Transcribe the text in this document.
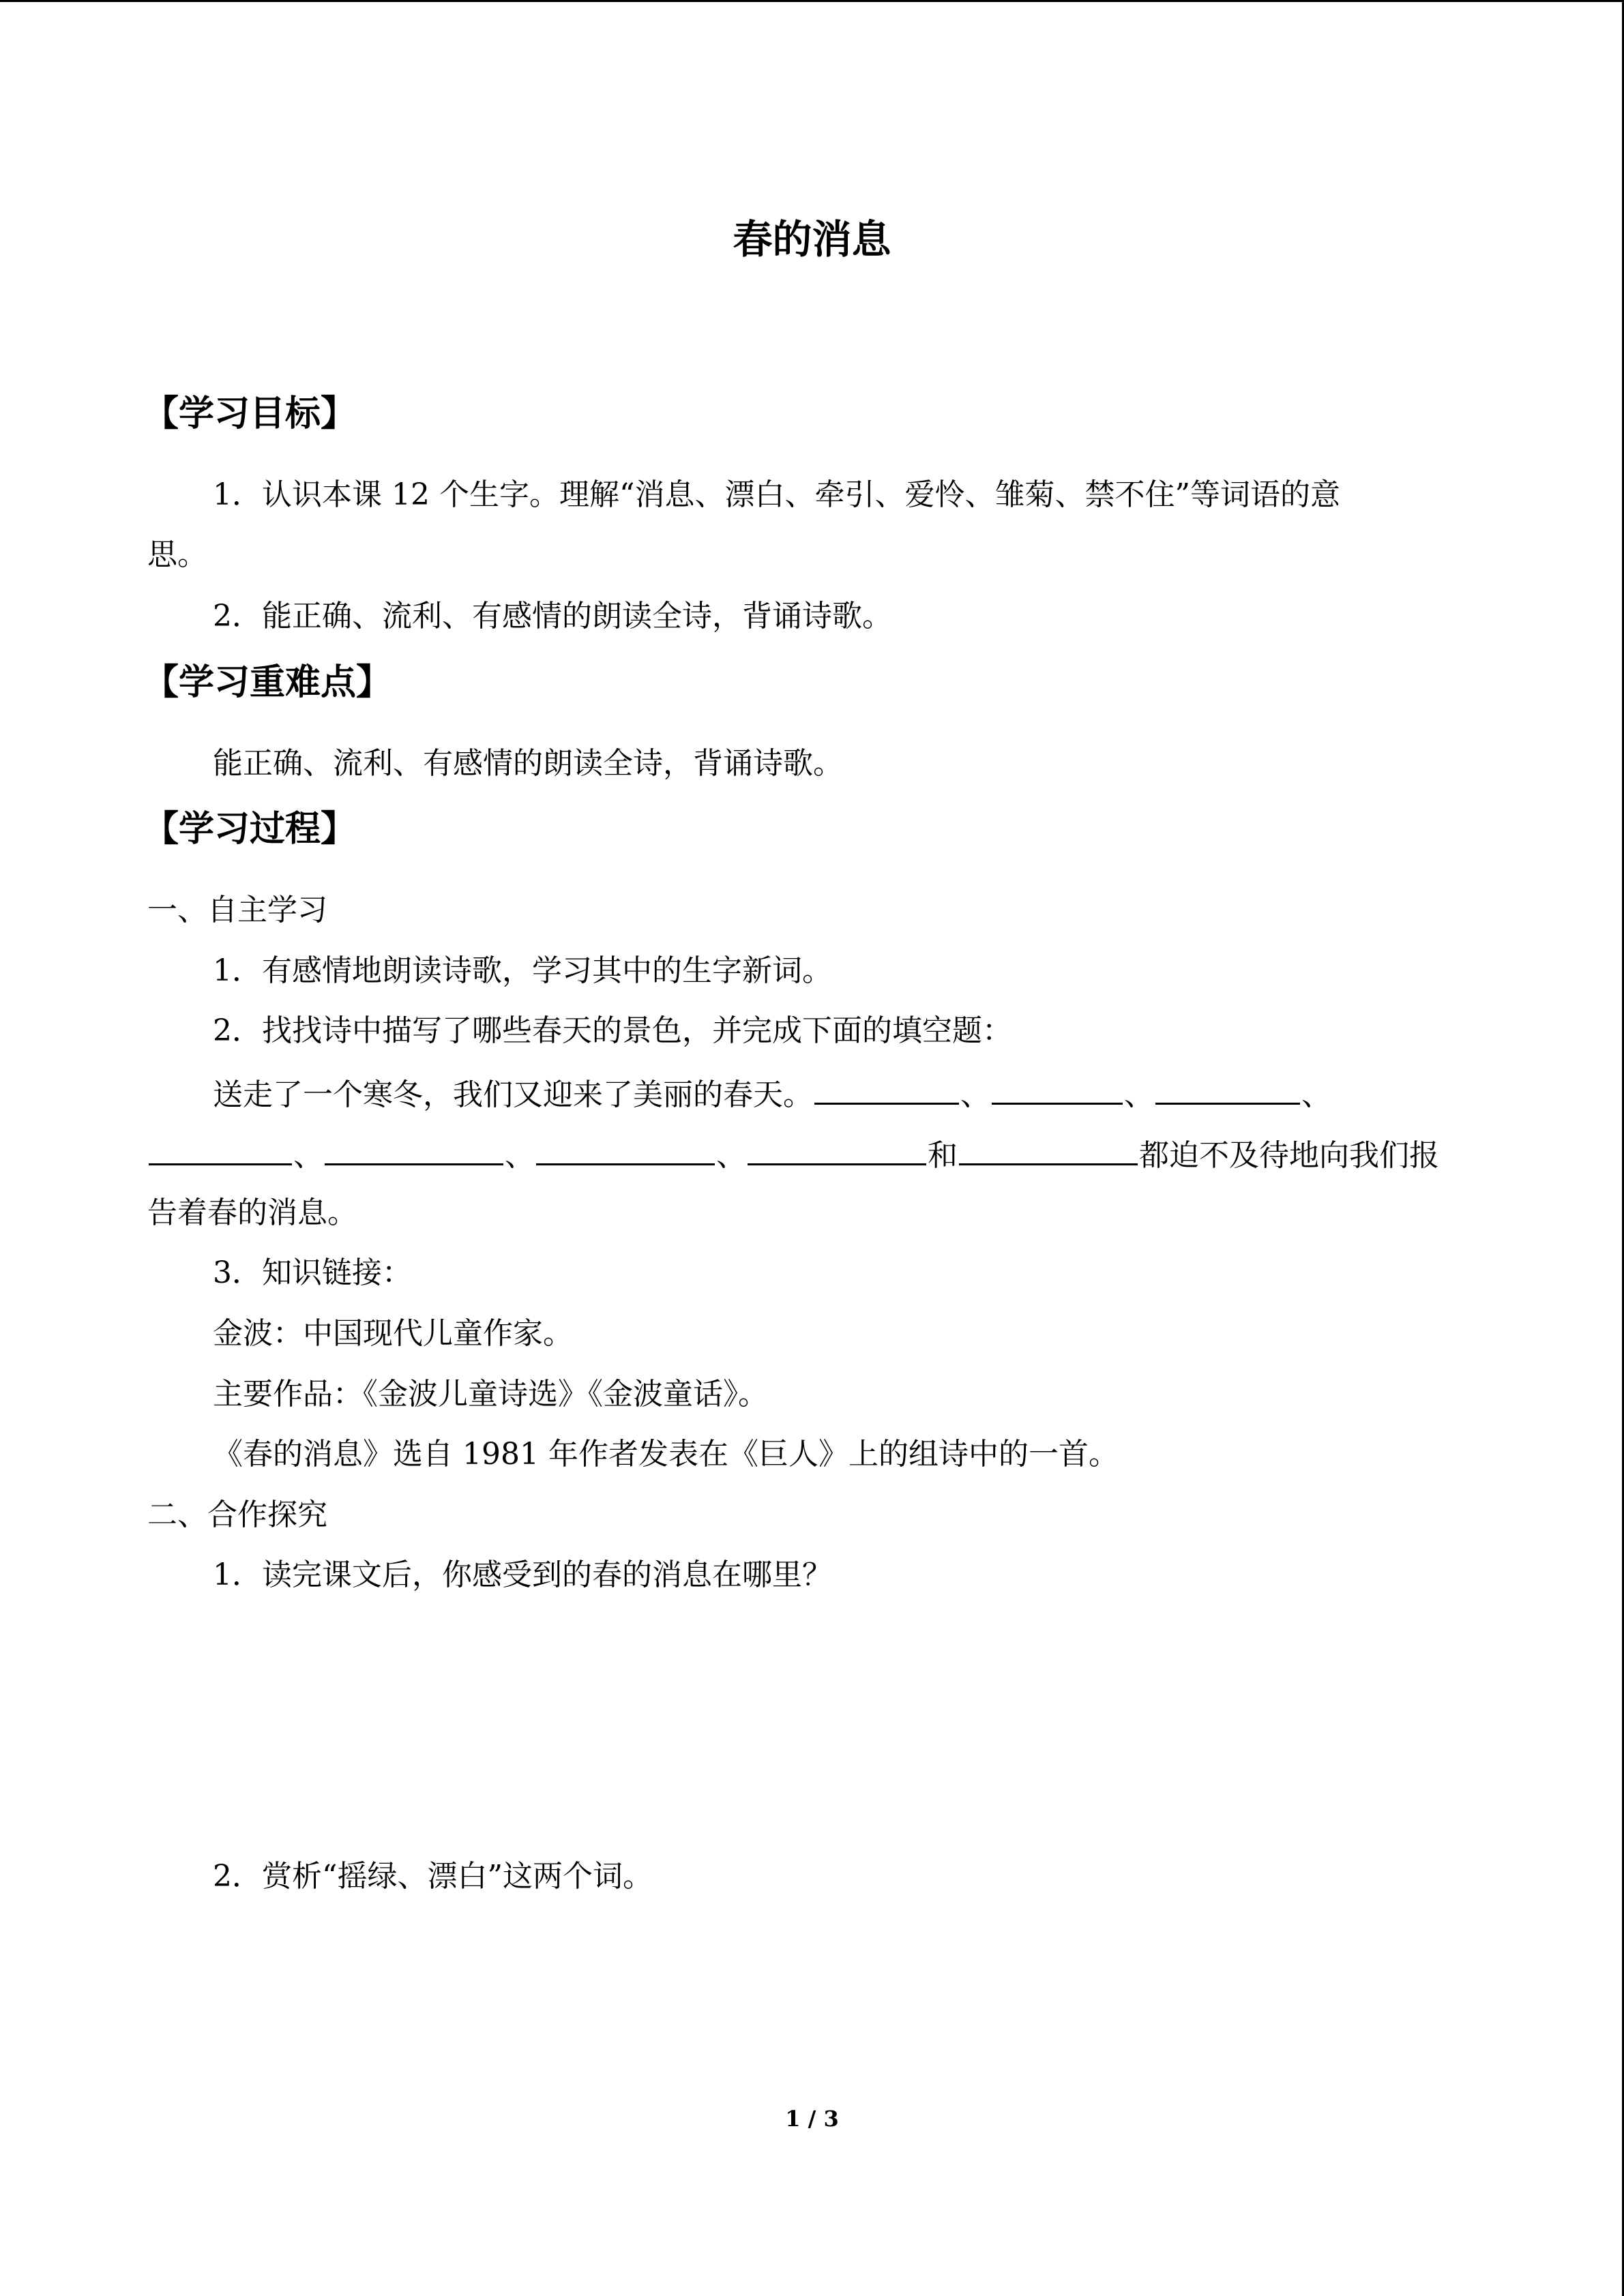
春的消息
【学习目标】

1．认识本课 12 个生字。理解“消息、漂白、牵引、爱怜、雏菊、禁不住”等词语的意

思。

2．能正确、流利、有感情的朗读全诗，背诵诗歌。

【学习重难点】

能正确、流利、有感情的朗读全诗，背诵诗歌。

【学习过程】

一、自主学习

1．有感情地朗读诗歌，学习其中的生字新词。

2．找找诗中描写了哪些春天的景色，并完成下面的填空题：

送走了一个寒冬，我们又迎来了美丽的春天。	、	、	、

、	、	、	和	都迫不及待地向我们报

告着春的消息。

3．知识链接：

金波：中国现代儿童作家。

主要作品：《金波儿童诗选》《金波童话》。

《春的消息》选自 1981 年作者发表在《巨人》上的组诗中的一首。

二、合作探究

1．读完课文后，你感受到的春的消息在哪里？

2．赏析“摇绿、漂白”这两个词。

1 / 3
